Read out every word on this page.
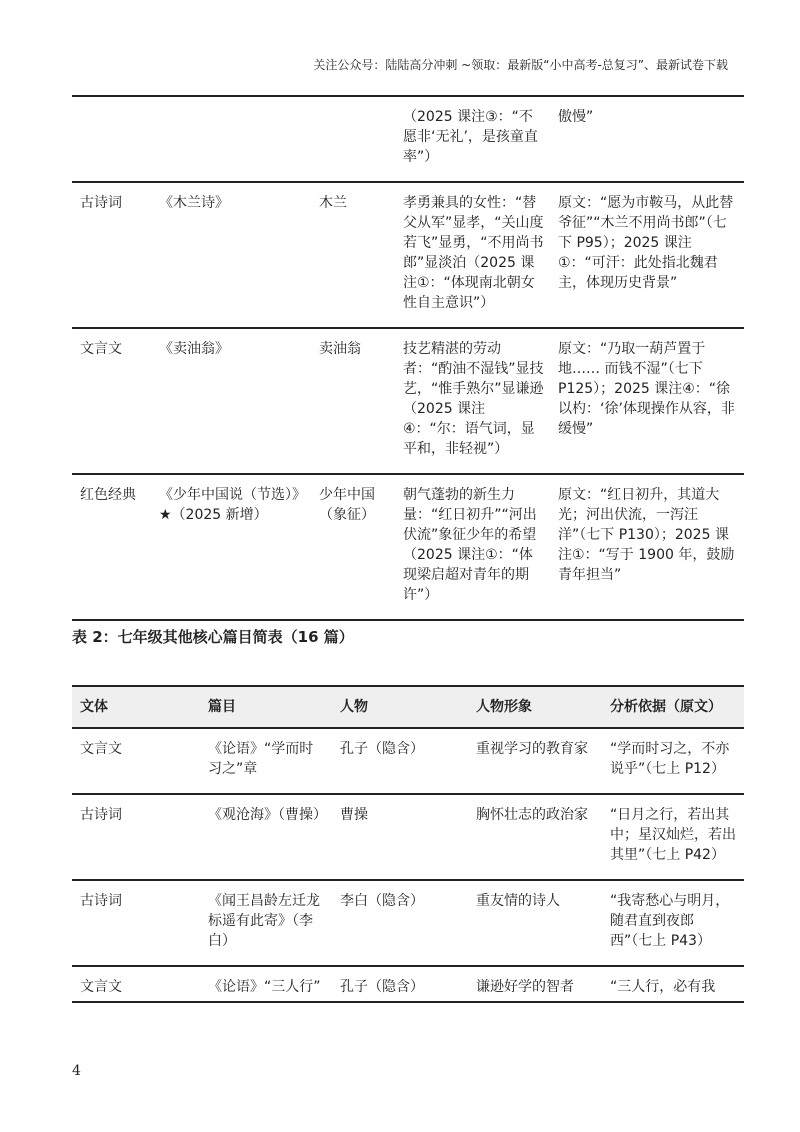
关注公众号：陆陆高分冲刺 ~领取：最新版“小中高考-总复习”、最新试卷下载
			（2025 课注③：“不愿非‘无礼’，是孩童直率”）	傲慢”
古诗词	《木兰诗》	木兰	孝勇兼具的女性：“替父从军”显孝，“关山度若飞”显勇，“不用尚书郎”显淡泊（2025 课注①：“体现南北朝女性自主意识”）	原文：“愿为市鞍马，从此替爷征”“木兰不用尚书郎”（七下 P95）；2025 课注①：“可汗：此处指北魏君主，体现历史背景”
文言文	《卖油翁》	卖油翁	技艺精湛的劳动者：“酌油不湿钱”显技艺，“惟手熟尔”显谦逊（2025 课注④：“尔：语气词，显平和，非轻视”）	原文：“乃取一葫芦置于地…… 而钱不湿”（七下 P125）；2025 课注④：“徐以杓：‘徐’体现操作从容，非缓慢”
红色经典	《少年中国说（节选）》★（2025 新增）	少年中国（象征）	朝气蓬勃的新生力量：“红日初升”“河出伏流”象征少年的希望（2025 课注①：“体现梁启超对青年的期许”）	原文：“红日初升，其道大光；河出伏流，一泻汪洋”（七下 P130）；2025 课注①：“写于 1900 年，鼓励青年担当”
表 2：七年级其他核心篇目简表（16 篇）
文体	篇目	人物	人物形象	分析依据（原文）
文言文	《论语》“学而时习之”章	孔子（隐含）	重视学习的教育家	“学而时习之，不亦说乎”（七上 P12）
古诗词	《观沧海》（曹操）	曹操	胸怀壮志的政治家	“日月之行，若出其中；星汉灿烂，若出其里”（七上 P42）
古诗词	《闻王昌龄左迁龙标遥有此寄》（李白）	李白（隐含）	重友情的诗人	“我寄愁心与明月，随君直到夜郎西”（七上 P43）
文言文	《论语》“三人行”	孔子（隐含）	谦逊好学的智者	“三人行，必有我
4
